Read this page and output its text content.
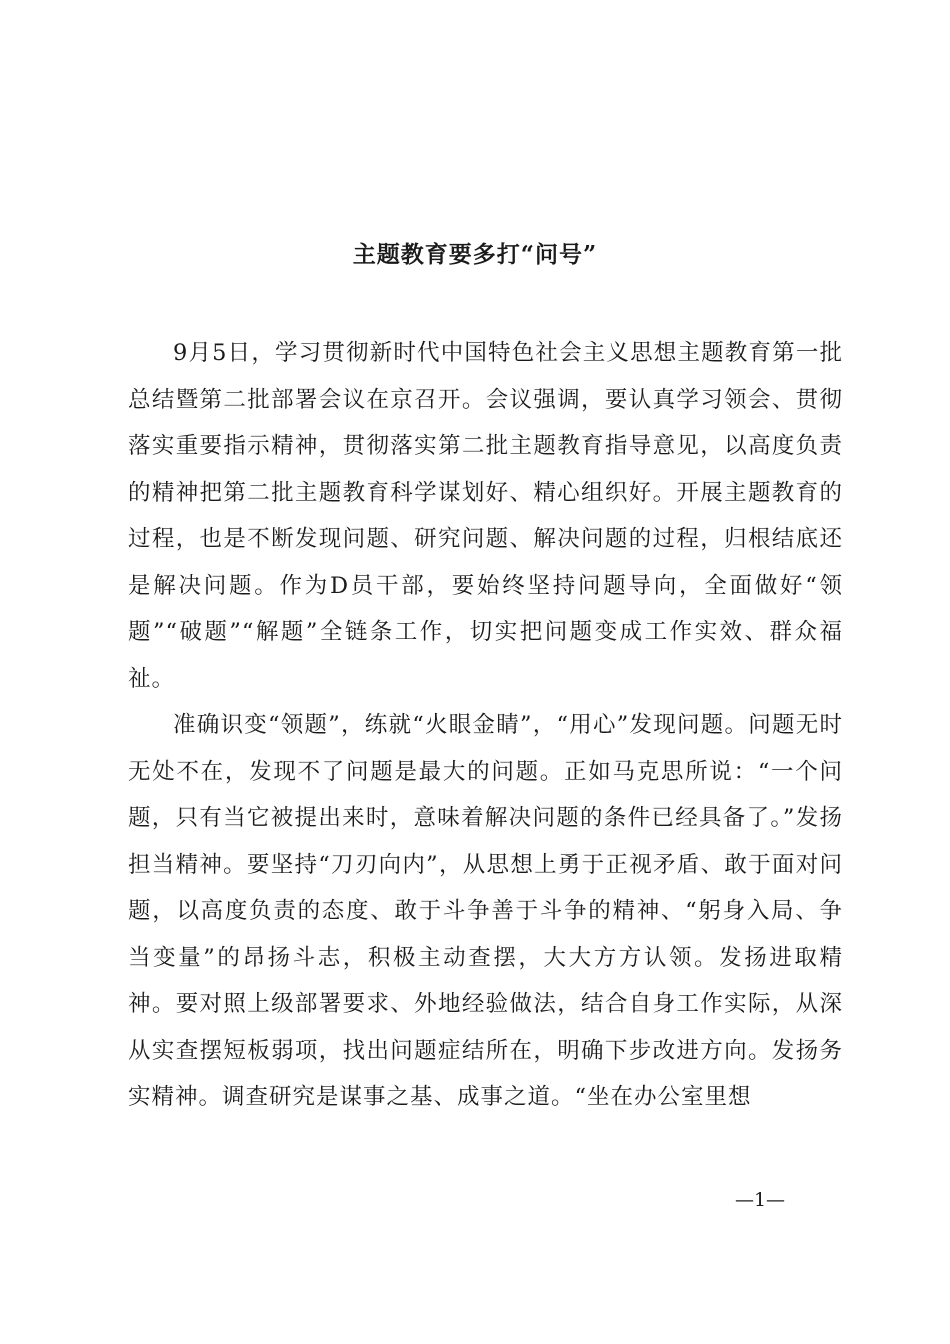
主题教育要多打“问号”

9月5日，学习贯彻新时代中国特色社会主义思想主题教育第一批总结暨第二批部署会议在京召开。会议强调，要认真学习领会、贯彻落实重要指示精神，贯彻落实第二批主题教育指导意见，以高度负责的精神把第二批主题教育科学谋划好、精心组织好。开展主题教育的过程，也是不断发现问题、研究问题、解决问题的过程，归根结底还是解决问题。作为D员干部，要始终坚持问题导向，全面做好“领题”“破题”“解题”全链条工作，切实把问题变成工作实效、群众福祉。

准确识变“领题”，练就“火眼金睛”，“用心”发现问题。问题无时无处不在，发现不了问题是最大的问题。正如马克思所说：“一个问题，只有当它被提出来时，意味着解决问题的条件已经具备了。”发扬担当精神。要坚持“刀刃向内”，从思想上勇于正视矛盾、敢于面对问题，以高度负责的态度、敢于斗争善于斗争的精神、“躬身入局、争当变量”的昂扬斗志，积极主动查摆，大大方方认领。发扬进取精神。要对照上级部署要求、外地经验做法，结合自身工作实际，从深从实查摆短板弱项，找出问题症结所在，明确下步改进方向。发扬务实精神。调查研究是谋事之基、成事之道。“坐在办公室里想

—1—
